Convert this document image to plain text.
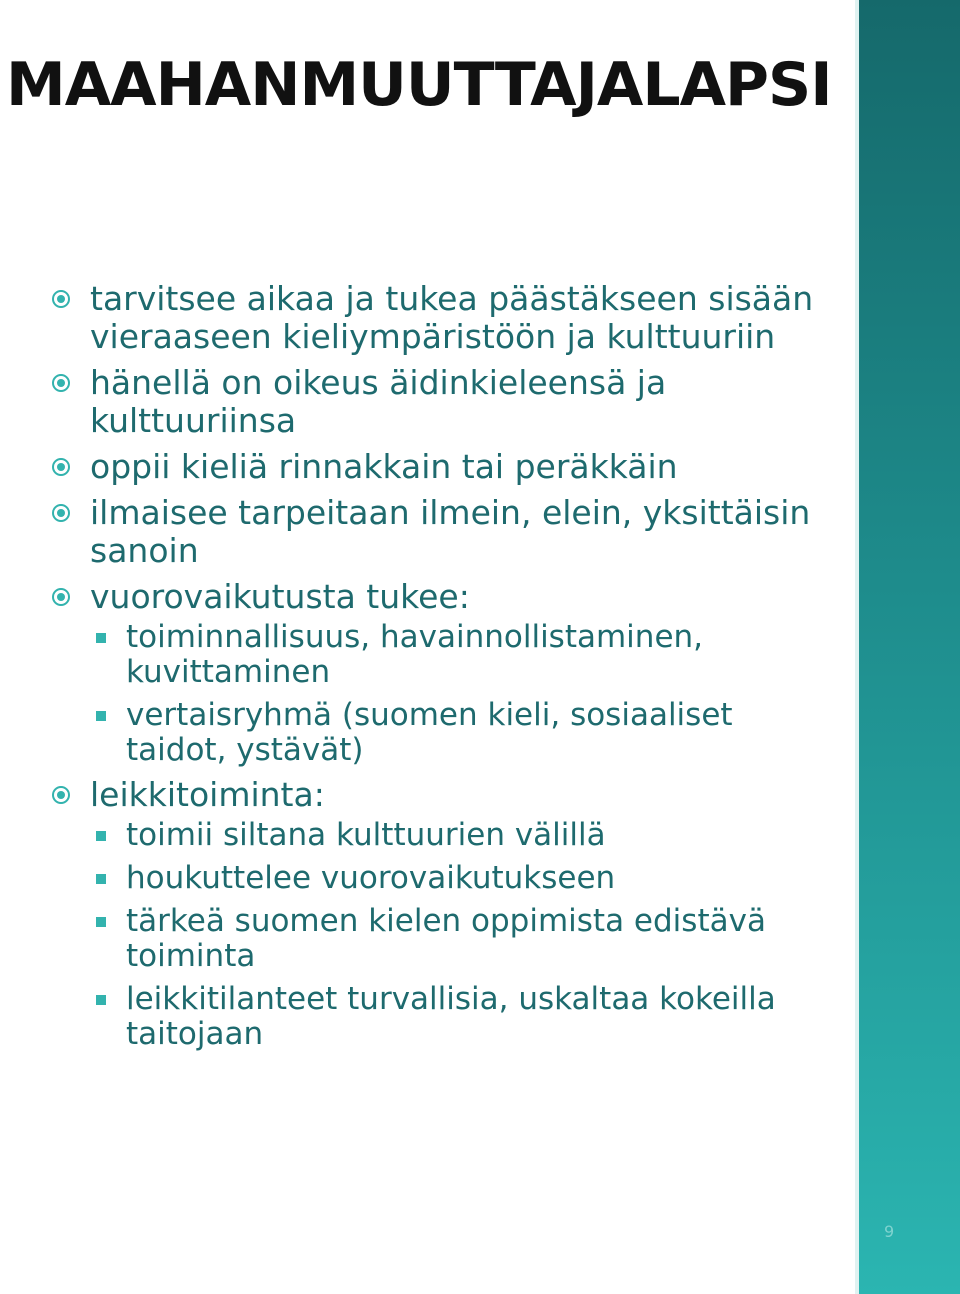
MAAHANMUUTTAJALAPSI
tarvitsee aikaa ja tukea päästäkseen sisään vieraaseen kieliympäristöön ja kulttuuriin
hänellä on oikeus äidinkieleensä ja kulttuuriinsa
oppii kieliä rinnakkain tai peräkkäin
ilmaisee tarpeitaan ilmein, elein, yksittäisin sanoin
vuorovaikutusta tukee:
toiminnallisuus, havainnollistaminen, kuvittaminen
vertaisryhmä (suomen kieli, sosiaaliset taidot, ystävät)
leikkitoiminta:
toimii siltana kulttuurien välillä
houkuttelee vuorovaikutukseen
tärkeä suomen kielen oppimista edistävä toiminta
leikkitilanteet turvallisia, uskaltaa kokeilla taitojaan
9
